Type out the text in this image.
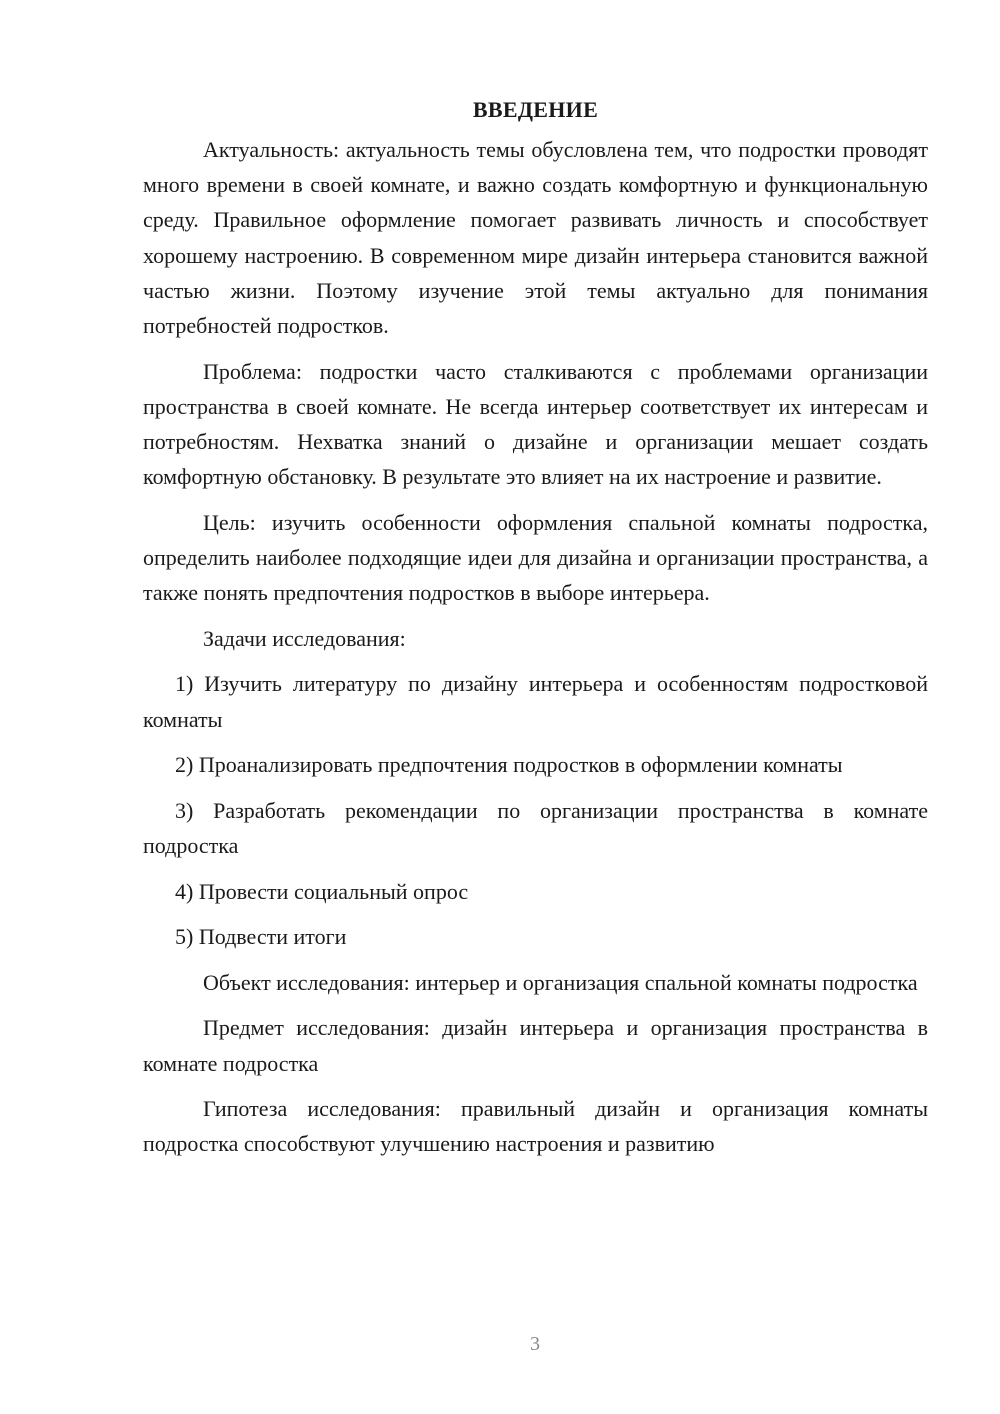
ВВЕДЕНИЕ

Актуальность: актуальность темы обусловлена тем, что подростки проводят много времени в своей комнате, и важно создать комфортную и функциональную среду. Правильное оформление помогает развивать личность и способствует хорошему настроению. В современном мире дизайн интерьера становится важной частью жизни. Поэтому изучение этой темы актуально для понимания потребностей подростков.

Проблема: подростки часто сталкиваются с проблемами организации пространства в своей комнате. Не всегда интерьер соответствует их интересам и потребностям. Нехватка знаний о дизайне и организации мешает создать комфортную обстановку. В результате это влияет на их настроение и развитие.

Цель: изучить особенности оформления спальной комнаты подростка, определить наиболее подходящие идеи для дизайна и организации пространства, а также понять предпочтения подростков в выборе интерьера.

Задачи исследования:

1) Изучить литературу по дизайну интерьера и особенностям подростковой комнаты

2) Проанализировать предпочтения подростков в оформлении комнаты

3) Разработать рекомендации по организации пространства в комнате подростка

4) Провести социальный опрос

5) Подвести итоги

Объект исследования: интерьер и организация спальной комнаты подростка

Предмет исследования: дизайн интерьера и организация пространства в комнате подростка

Гипотеза исследования: правильный дизайн и организация комнаты подростка способствуют улучшению настроения и развитию

3
